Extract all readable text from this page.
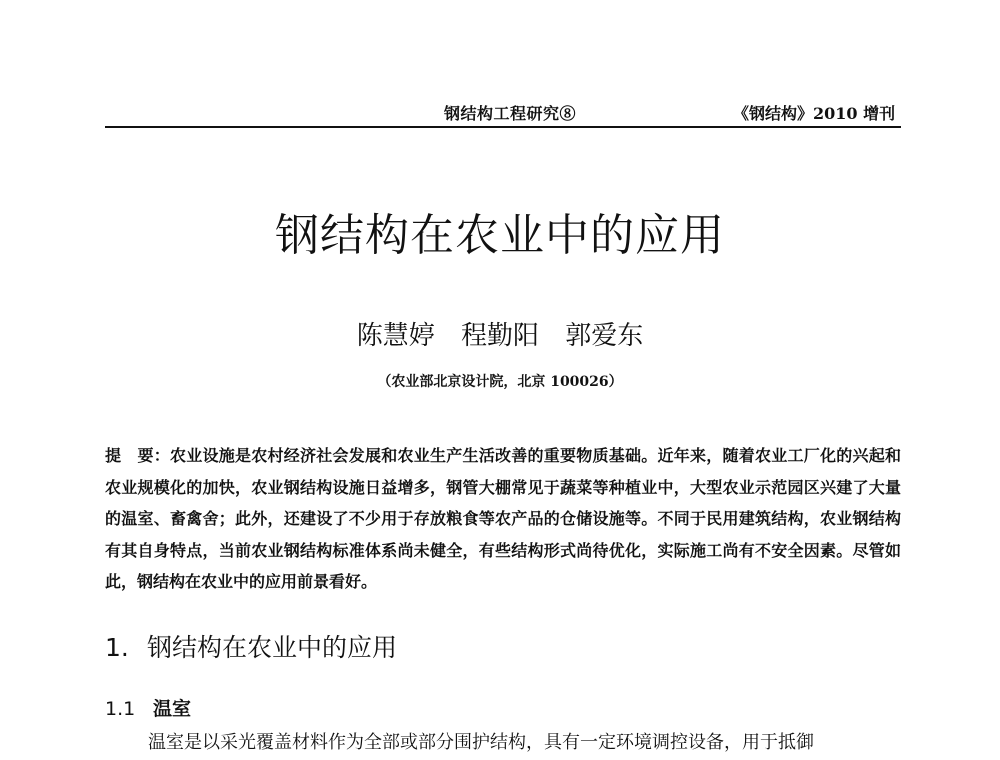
钢结构工程研究⑧	《钢结构》2010 增刊
钢结构在农业中的应用
陈慧婷 程勤阳 郭爱东
（农业部北京设计院，北京 100026）
提　要：农业设施是农村经济社会发展和农业生产生活改善的重要物质基础。近年来，随着农业工厂化的兴起和农业规模化的加快，农业钢结构设施日益增多，钢管大棚常见于蔬菜等种植业中，大型农业示范园区兴建了大量的温室、畜禽舍；此外，还建设了不少用于存放粮食等农产品的仓储设施等。不同于民用建筑结构，农业钢结构有其自身特点，当前农业钢结构标准体系尚未健全，有些结构形式尚待优化，实际施工尚有不安全因素。尽管如此，钢结构在农业中的应用前景看好。
1. 钢结构在农业中的应用
1.1 温室
温室是以采光覆盖材料作为全部或部分围护结构，具有一定环境调控设备，用于抵御
